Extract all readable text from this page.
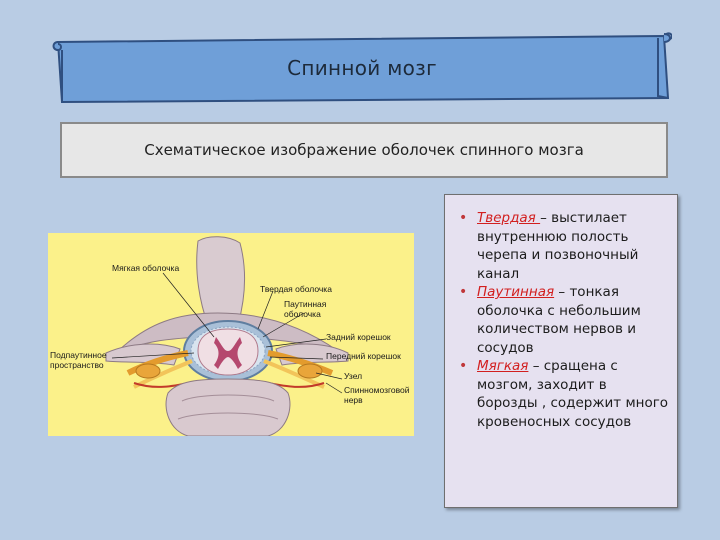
Спинной мозг
Схематическое изображение оболочек спинного мозга
Мягкая оболочка
Твердая оболочка
Паутинная
оболочка
Задний корешок
Подпаутинное
пространство
Передний корешок
Узел
Спинномозговой
нерв
• Твердая – выстилает внутреннюю полость черепа и позвоночный канал
• Паутинная – тонкая оболочка с небольшим количеством нервов и сосудов
• Мягкая – сращена с мозгом, заходит в борозды , содержит много кровеносных сосудов
